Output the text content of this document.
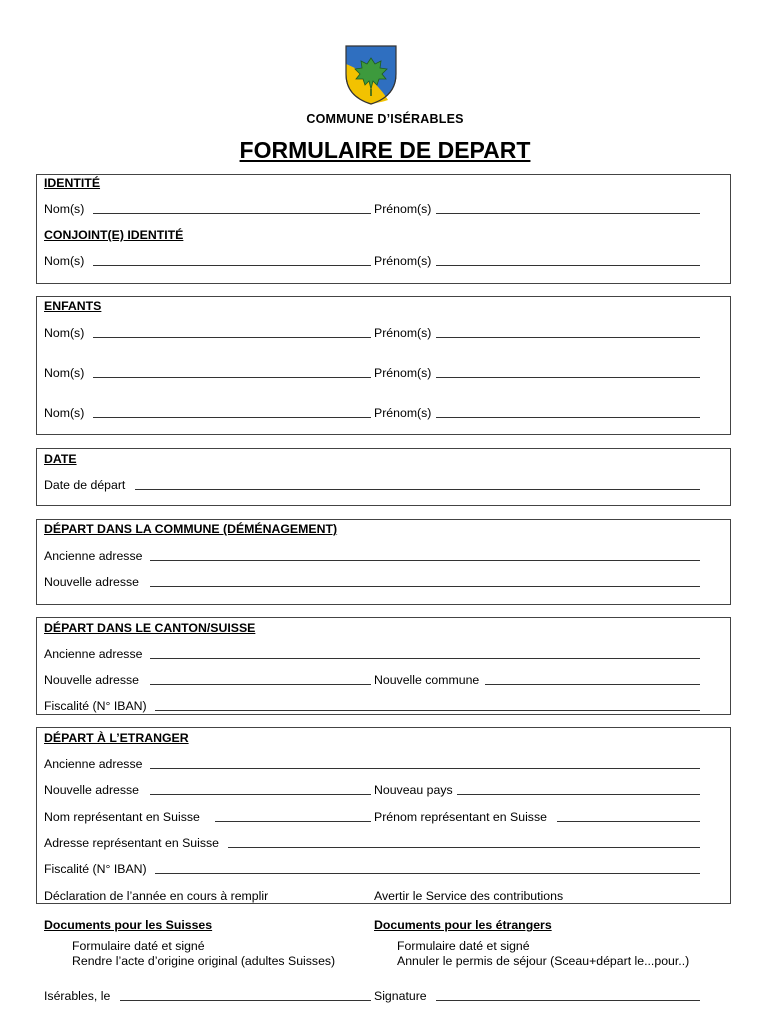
COMMUNE D’ISÉRABLES
FORMULAIRE DE DEPART
IDENTITÉ
Nom(s)	Prénom(s)
CONJOINT(E) IDENTITÉ
Nom(s)	Prénom(s)
ENFANTS
Nom(s)	Prénom(s)
Nom(s)	Prénom(s)
Nom(s)	Prénom(s)
DATE
Date de départ
DÉPART DANS LA COMMUNE (DÉMÉNAGEMENT)
Ancienne adresse
Nouvelle adresse
DÉPART DANS LE CANTON/SUISSE
Ancienne adresse
Nouvelle adresse	Nouvelle commune
Fiscalité (N° IBAN)
DÉPART À L’ETRANGER
Ancienne adresse
Nouvelle adresse	Nouveau pays
Nom représentant en Suisse	Prénom représentant en Suisse
Adresse représentant en Suisse
Fiscalité (N° IBAN)
Déclaration de l’année en cours à remplir	Avertir le Service des contributions
Documents pour les Suisses
Formulaire daté et signé
Rendre l’acte d’origine original (adultes Suisses)
Documents pour les étrangers
Formulaire daté et signé
Annuler le permis de séjour (Sceau+départ le...pour..)
Isérables, le	Signature
